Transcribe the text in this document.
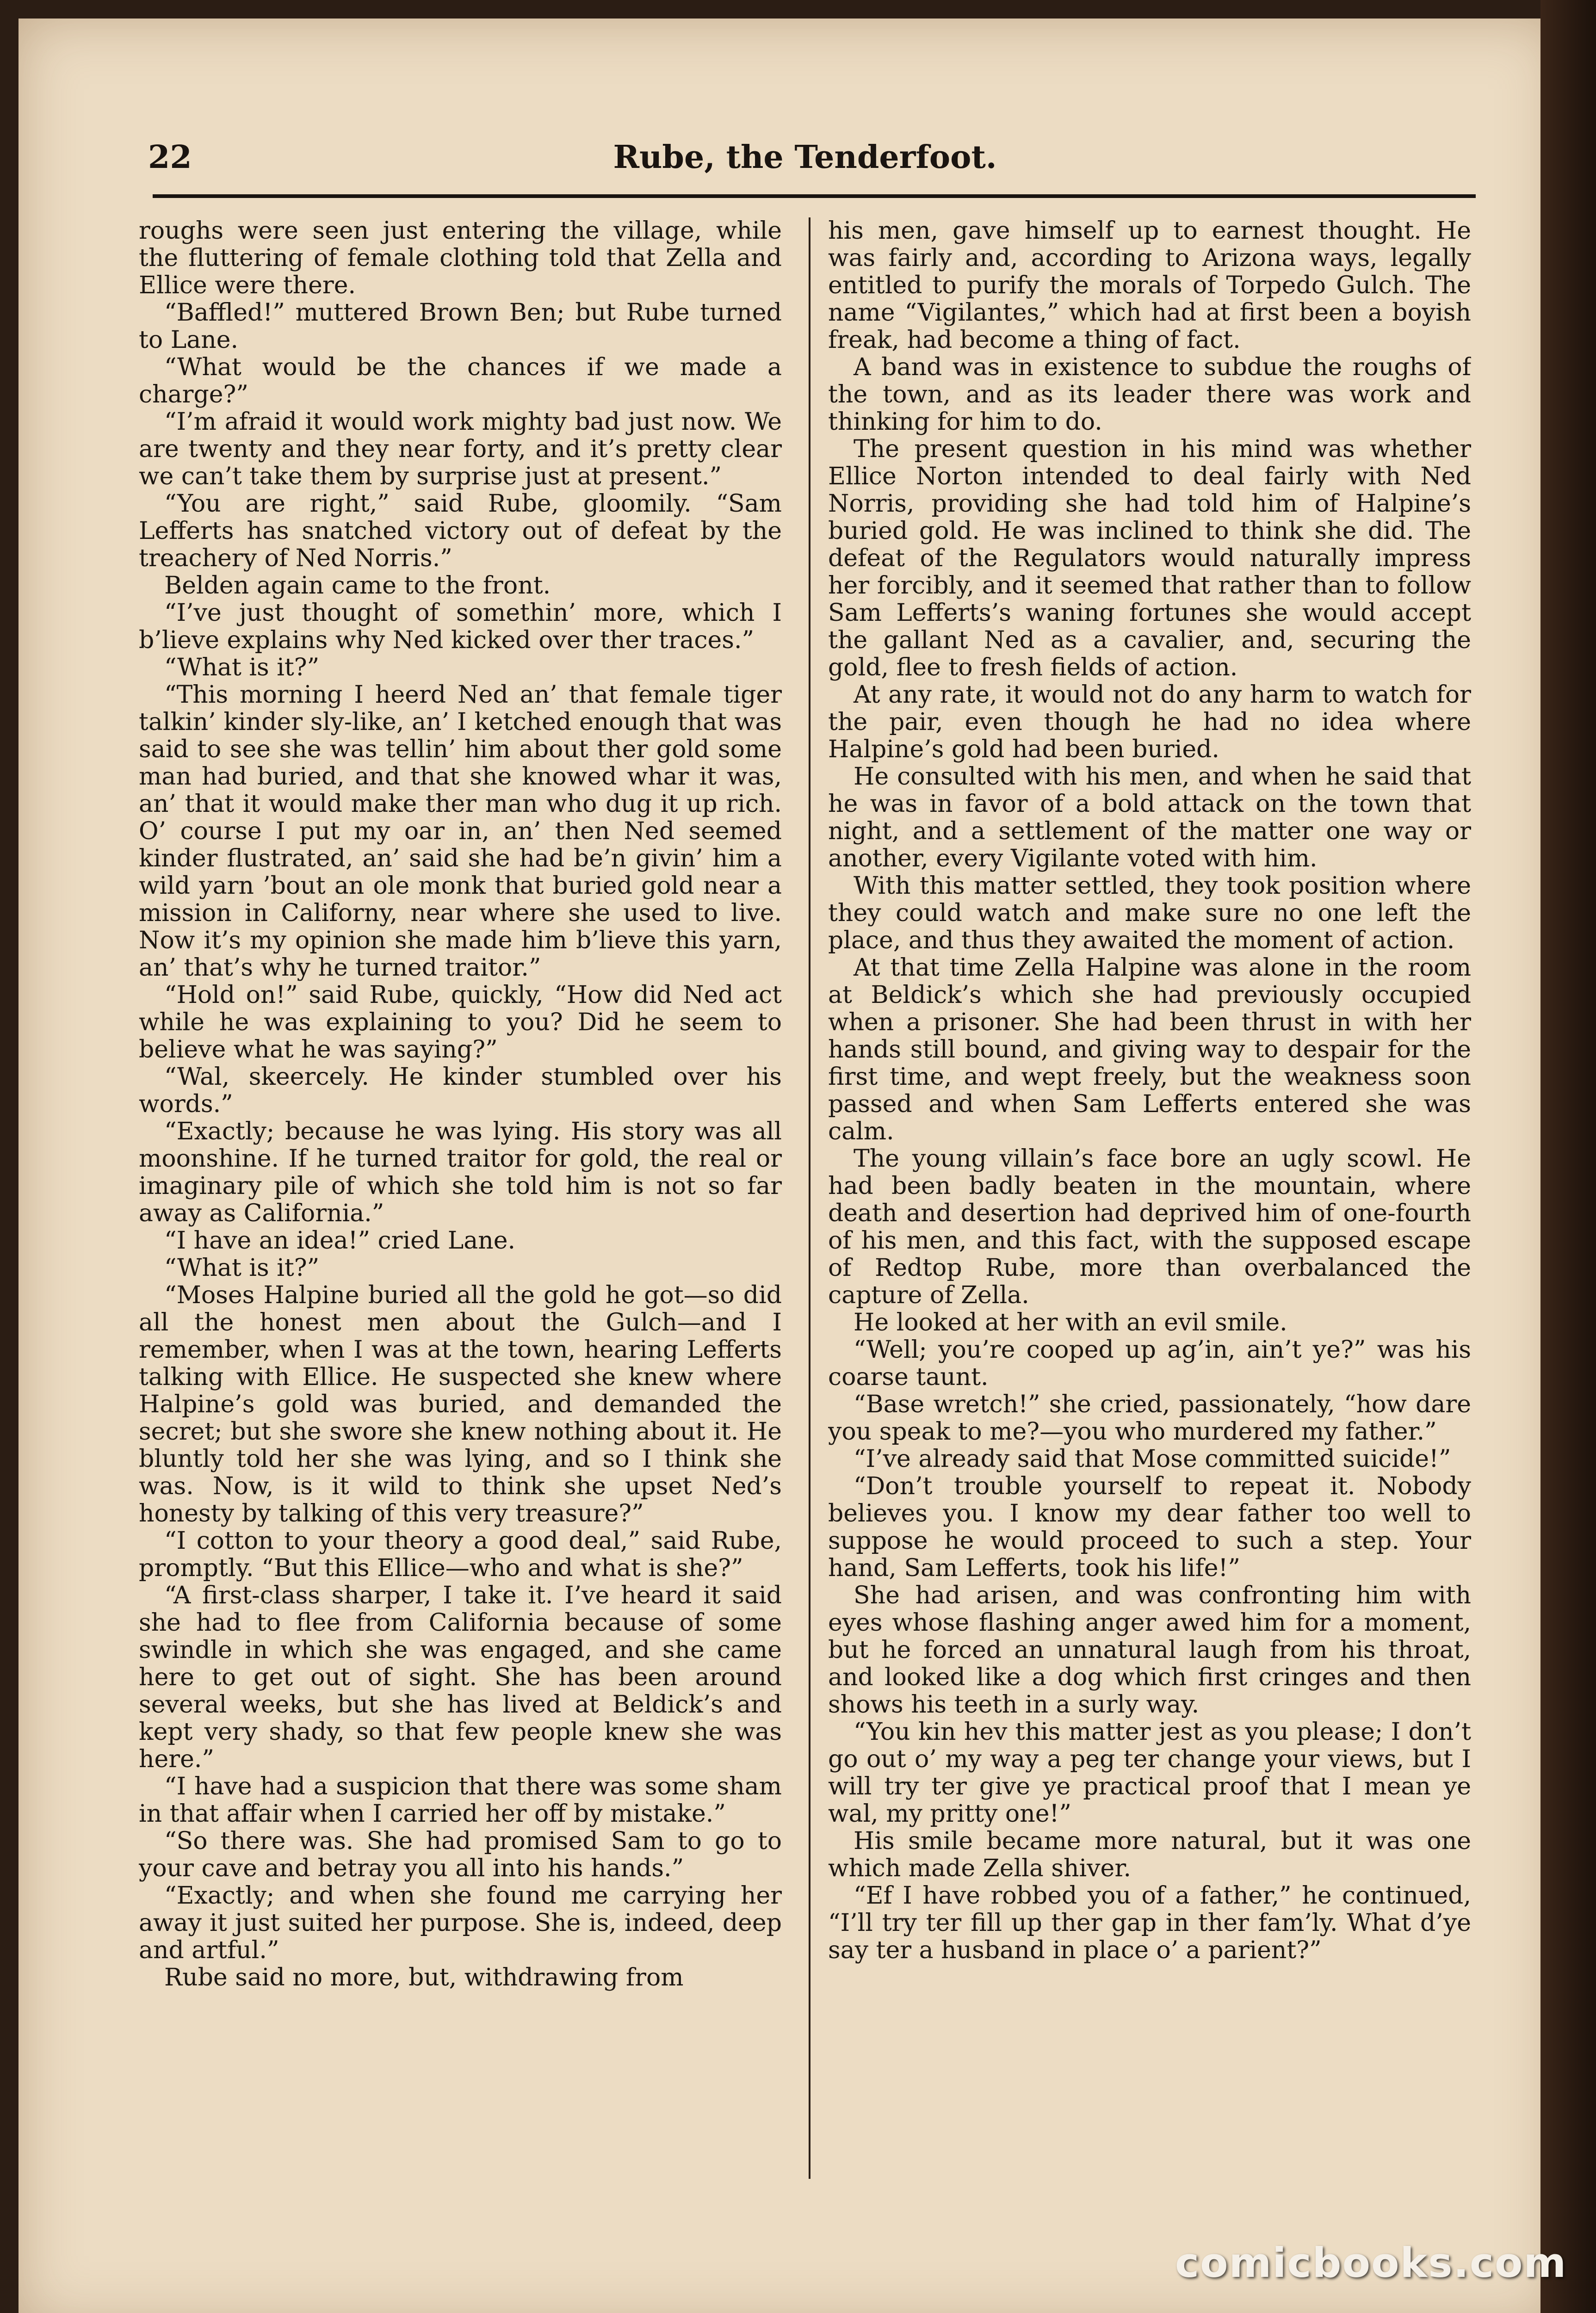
22	Rube, the Tenderfoot.

roughs were seen just entering the village, while the fluttering of female clothing told that Zella and Ellice were there.

“Baffled!” muttered Brown Ben; but Rube turned to Lane.

“What would be the chances if we made a charge?”

“I’m afraid it would work mighty bad just now. We are twenty and they near forty, and it’s pretty clear we can’t take them by surprise just at present.”

“You are right,” said Rube, gloomily. “Sam Lefferts has snatched victory out of defeat by the treachery of Ned Norris.”

Belden again came to the front.

“I’ve just thought of somethin’ more, which I b’lieve explains why Ned kicked over ther traces.”

“What is it?”

“This morning I heerd Ned an’ that female tiger talkin’ kinder sly-like, an’ I ketched enough that was said to see she was tellin’ him about ther gold some man had buried, and that she knowed whar it was, an’ that it would make ther man who dug it up rich. O’ course I put my oar in, an’ then Ned seemed kinder flustrated, an’ said she had be’n givin’ him a wild yarn ’bout an ole monk that buried gold near a mission in Californy, near where she used to live. Now it’s my opinion she made him b’lieve this yarn, an’ that’s why he turned traitor.”

“Hold on!” said Rube, quickly, “How did Ned act while he was explaining to you? Did he seem to believe what he was saying?”

“Wal, skeercely. He kinder stumbled over his words.”

“Exactly; because he was lying. His story was all moonshine. If he turned traitor for gold, the real or imaginary pile of which she told him is not so far away as California.”

“I have an idea!” cried Lane.

“What is it?”

“Moses Halpine buried all the gold he got—so did all the honest men about the Gulch—and I remember, when I was at the town, hearing Lefferts talking with Ellice. He suspected she knew where Halpine’s gold was buried, and demanded the secret; but she swore she knew nothing about it. He bluntly told her she was lying, and so I think she was. Now, is it wild to think she upset Ned’s honesty by talking of this very treasure?”

“I cotton to your theory a good deal,” said Rube, promptly. “But this Ellice—who and what is she?”

“A first-class sharper, I take it. I’ve heard it said she had to flee from California because of some swindle in which she was engaged, and she came here to get out of sight. She has been around several weeks, but she has lived at Beldick’s and kept very shady, so that few people knew she was here.”

“I have had a suspicion that there was some sham in that affair when I carried her off by mistake.”

“So there was. She had promised Sam to go to your cave and betray you all into his hands.”

“Exactly; and when she found me carrying her away it just suited her purpose. She is, indeed, deep and artful.”

Rube said no more, but, withdrawing from

his men, gave himself up to earnest thought. He was fairly and, according to Arizona ways, legally entitled to purify the morals of Torpedo Gulch. The name “Vigilantes,” which had at first been a boyish freak, had become a thing of fact.

A band was in existence to subdue the roughs of the town, and as its leader there was work and thinking for him to do.

The present question in his mind was whether Ellice Norton intended to deal fairly with Ned Norris, providing she had told him of Halpine’s buried gold. He was inclined to think she did. The defeat of the Regulators would naturally impress her forcibly, and it seemed that rather than to follow Sam Lefferts’s waning fortunes she would accept the gallant Ned as a cavalier, and, securing the gold, flee to fresh fields of action.

At any rate, it would not do any harm to watch for the pair, even though he had no idea where Halpine’s gold had been buried.

He consulted with his men, and when he said that he was in favor of a bold attack on the town that night, and a settlement of the matter one way or another, every Vigilante voted with him.

With this matter settled, they took position where they could watch and make sure no one left the place, and thus they awaited the moment of action.

At that time Zella Halpine was alone in the room at Beldick’s which she had previously occupied when a prisoner. She had been thrust in with her hands still bound, and giving way to despair for the first time, and wept freely, but the weakness soon passed and when Sam Lefferts entered she was calm.

The young villain’s face bore an ugly scowl. He had been badly beaten in the mountain, where death and desertion had deprived him of one-fourth of his men, and this fact, with the supposed escape of Redtop Rube, more than overbalanced the capture of Zella.

He looked at her with an evil smile.

“Well; you’re cooped up ag’in, ain’t ye?” was his coarse taunt.

“Base wretch!” she cried, passionately, “how dare you speak to me?—you who murdered my father.”

“I’ve already said that Mose committed suicide!”

“Don’t trouble yourself to repeat it. Nobody believes you. I know my dear father too well to suppose he would proceed to such a step. Your hand, Sam Lefferts, took his life!”

She had arisen, and was confronting him with eyes whose flashing anger awed him for a moment, but he forced an unnatural laugh from his throat, and looked like a dog which first cringes and then shows his teeth in a surly way.

“You kin hev this matter jest as you please; I don’t go out o’ my way a peg ter change your views, but I will try ter give ye practical proof that I mean ye wal, my pritty one!”

His smile became more natural, but it was one which made Zella shiver.

“Ef I have robbed you of a father,” he continued, “I’ll try ter fill up ther gap in ther fam’ly. What d’ye say ter a husband in place o’ a parient?”

comicbooks.com
